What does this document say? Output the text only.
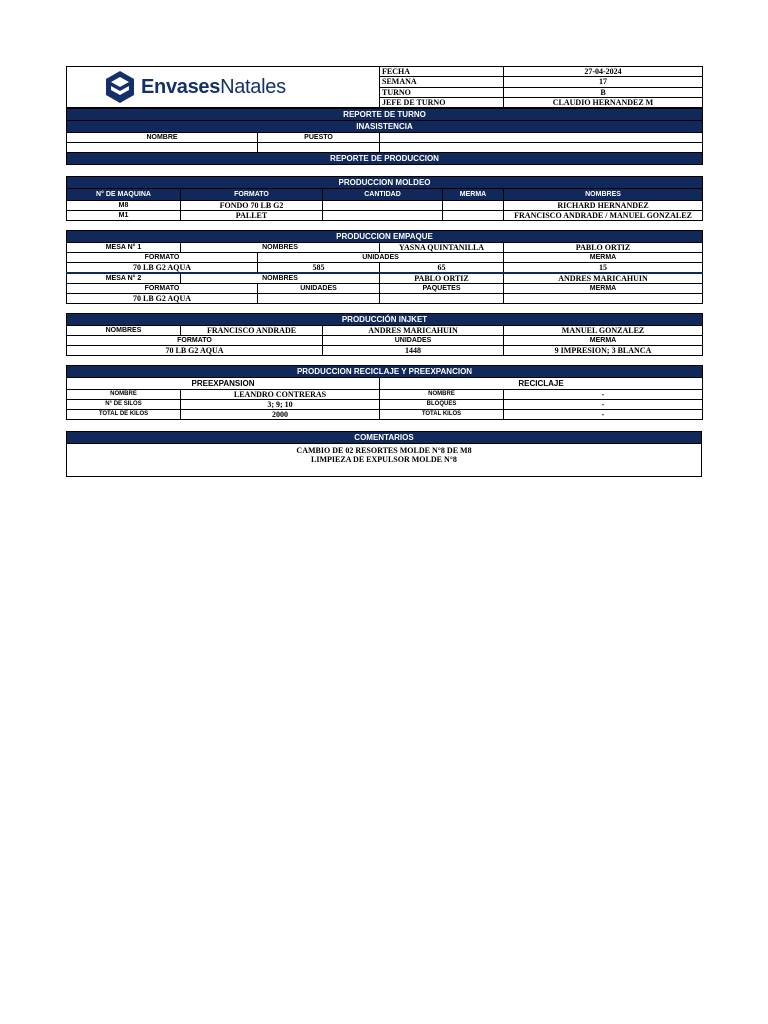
EnvasesNatales	FECHA	27-04-2024
	SEMANA	17
	TURNO	B
	JEFE DE TURNO	CLAUDIO HERNANDEZ M
REPORTE DE TURNO		
INASISTENCIA		
NOMBRE	PUESTO	

REPORTE DE PRODUCCION		
PRODUCCION MOLDEO				
N° DE MAQUINA	FORMATO	CANTIDAD	MERMA	NOMBRES
M8	FONDO 70 LB G2			RICHARD HERNANDEZ
M1	PALLET			FRANCISCO ANDRADE / MANUEL GONZALEZ
PRODUCCION EMPAQUE				
MESA N° 1	NOMBRES		YASNA QUINTANILLA	PABLO ORTIZ
FORMATO		UNIDADES		MERMA
70 LB G2 AQUA		585	65	15
MESA N° 2	NOMBRES		PABLO ORTIZ	ANDRES MARICAHUIN
FORMATO		UNIDADES	PAQUETES	MERMA
70 LB G2 AQUA				
PRODUCCIÓN INJKET			
NOMBRES	FRANCISCO ANDRADE	ANDRES MARICAHUIN	MANUEL GONZALEZ
FORMATO		UNIDADES	MERMA
70 LB G2 AQUA		1448	9 IMPRESION; 3 BLANCA
PRODUCCION RECICLAJE Y PREEXPANCION			
PREEXPANSION		RECICLAJE	
NOMBRE	LEANDRO CONTRERAS	NOMBRE	-
N° DE SILOS	3; 9; 10	BLOQUES	-
TOTAL DE KILOS	2000	TOTAL KILOS	-
COMENTARIOS

CAMBIO DE 02 RESORTES MOLDE N°8 DE M8
LIMPIEZA DE EXPULSOR MOLDE N°8
